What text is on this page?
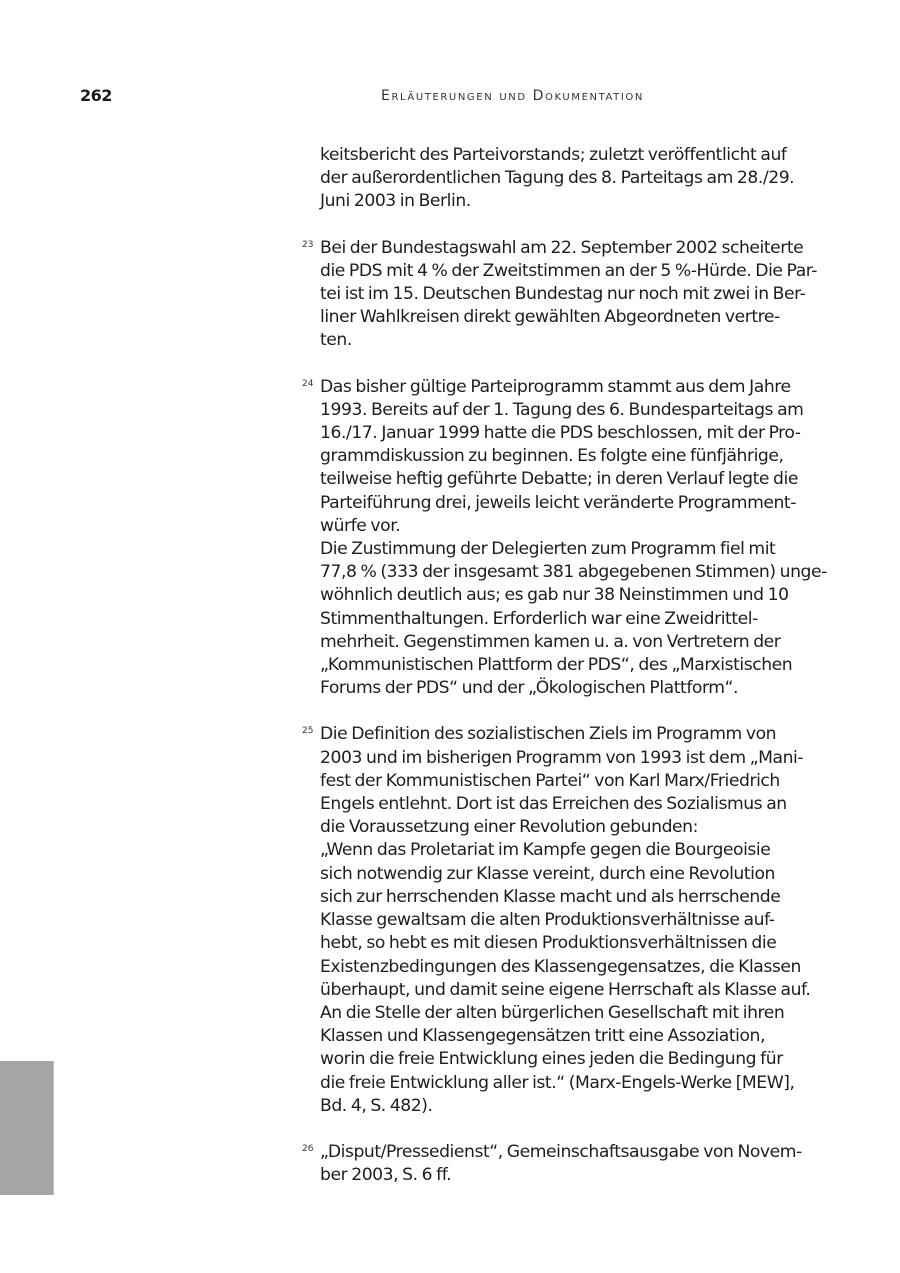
262	Erläuterungen und Dokumentation
keitsbericht des Parteivorstands; zuletzt veröffentlicht auf
der außerordentlichen Tagung des 8. Parteitags am 28./29.
Juni 2003 in Berlin.
23 Bei der Bundestagswahl am 22. September 2002 scheiterte
die PDS mit 4 % der Zweitstimmen an der 5 %-Hürde. Die Par-
tei ist im 15. Deutschen Bundestag nur noch mit zwei in Ber-
liner Wahlkreisen direkt gewählten Abgeordneten vertre-
ten.
24 Das bisher gültige Parteiprogramm stammt aus dem Jahre
1993. Bereits auf der 1. Tagung des 6. Bundesparteitags am
16./17. Januar 1999 hatte die PDS beschlossen, mit der Pro-
grammdiskussion zu beginnen. Es folgte eine fünfjährige,
teilweise heftig geführte Debatte; in deren Verlauf legte die
Parteiführung drei, jeweils leicht veränderte Programment-
würfe vor.
Die Zustimmung der Delegierten zum Programm fiel mit
77,8 % (333 der insgesamt 381 abgegebenen Stimmen) unge-
wöhnlich deutlich aus; es gab nur 38 Neinstimmen und 10
Stimmenthaltungen. Erforderlich war eine Zweidrittel-
mehrheit. Gegenstimmen kamen u. a. von Vertretern der
„Kommunistischen Plattform der PDS“, des „Marxistischen
Forums der PDS“ und der „Ökologischen Plattform“.
25 Die Definition des sozialistischen Ziels im Programm von
2003 und im bisherigen Programm von 1993 ist dem „Mani-
fest der Kommunistischen Partei“ von Karl Marx/Friedrich
Engels entlehnt. Dort ist das Erreichen des Sozialismus an
die Voraussetzung einer Revolution gebunden:
„Wenn das Proletariat im Kampfe gegen die Bourgeoisie
sich notwendig zur Klasse vereint, durch eine Revolution
sich zur herrschenden Klasse macht und als herrschende
Klasse gewaltsam die alten Produktionsverhältnisse auf-
hebt, so hebt es mit diesen Produktionsverhältnissen die
Existenzbedingungen des Klassengegensatzes, die Klassen
überhaupt, und damit seine eigene Herrschaft als Klasse auf.
An die Stelle der alten bürgerlichen Gesellschaft mit ihren
Klassen und Klassengegensätzen tritt eine Assoziation,
worin die freie Entwicklung eines jeden die Bedingung für
die freie Entwicklung aller ist.“ (Marx-Engels-Werke [MEW],
Bd. 4, S. 482).
26 „Disput/Pressedienst“, Gemeinschaftsausgabe von Novem-
ber 2003, S. 6 ff.
